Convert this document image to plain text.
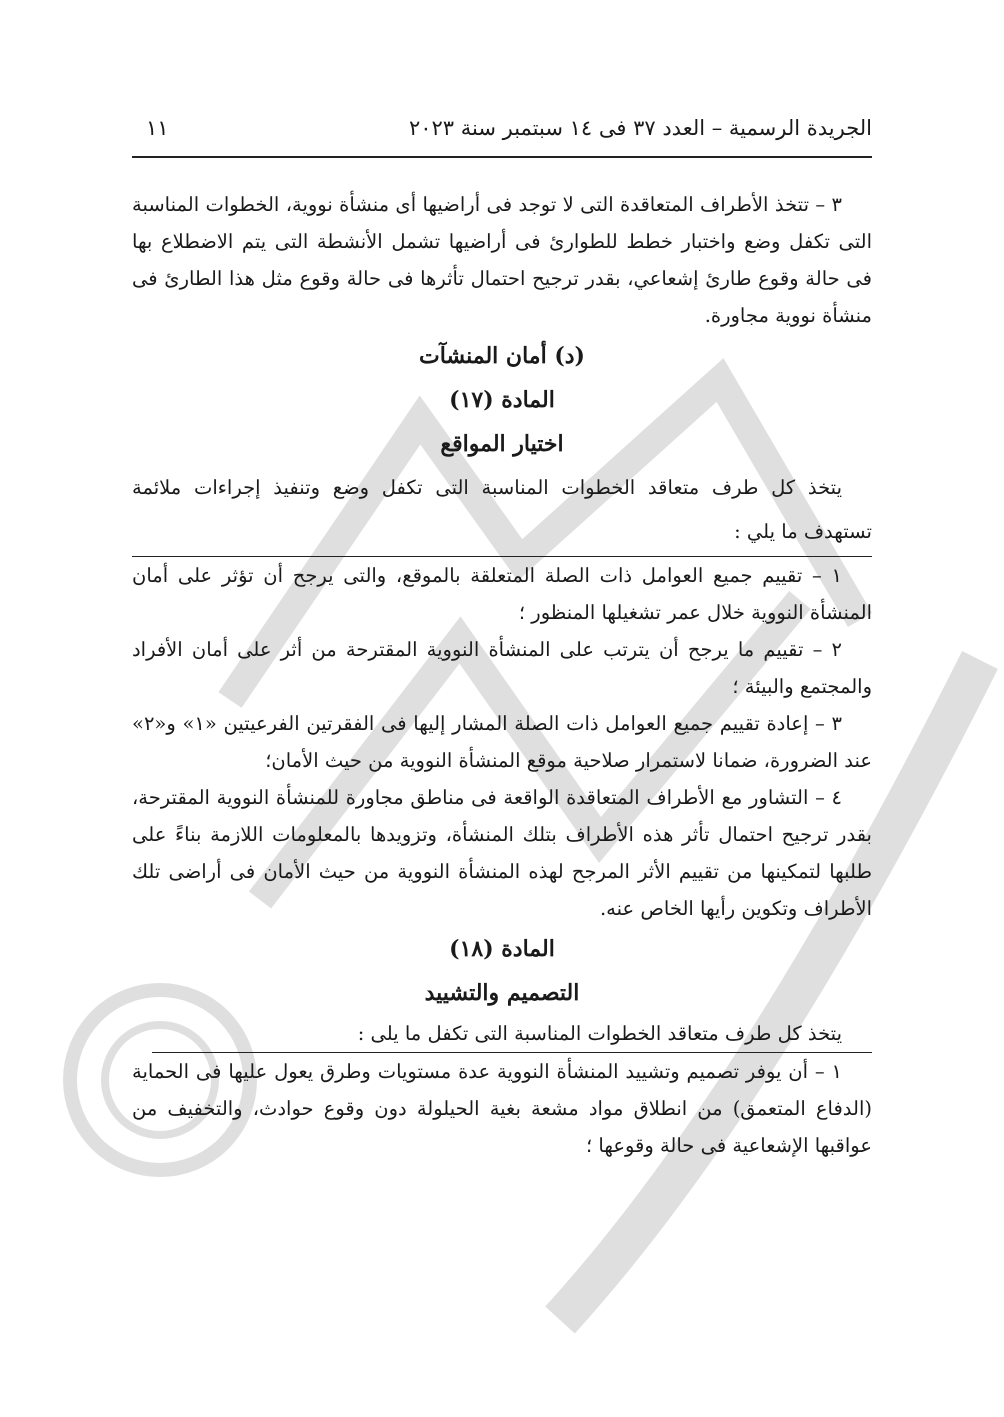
الجريدة الرسمية – العدد ٣٧ فى ١٤ سبتمبر سنة ٢٠٢٣
١١

٣ – تتخذ الأطراف المتعاقدة التى لا توجد فى أراضيها أى منشأة نووية، الخطوات المناسبة التى تكفل وضع واختبار خطط للطوارئ فى أراضيها تشمل الأنشطة التى يتم الاضطلاع بها فى حالة وقوع طارئ إشعاعي، بقدر ترجيح احتمال تأثرها فى حالة وقوع مثل هذا الطارئ فى منشأة نووية مجاورة.

(د) أمان المنشآت

المادة (١٧)

اختيار المواقع

يتخذ كل طرف متعاقد الخطوات المناسبة التى تكفل وضع وتنفيذ إجراءات ملائمة تستهدف ما يلي :

١ – تقييم جميع العوامل ذات الصلة المتعلقة بالموقع، والتى يرجح أن تؤثر على أمان المنشأة النووية خلال عمر تشغيلها المنظور ؛

٢ – تقييم ما يرجح أن يترتب على المنشأة النووية المقترحة من أثر على أمان الأفراد والمجتمع والبيئة ؛

٣ – إعادة تقييم جميع العوامل ذات الصلة المشار إليها فى الفقرتين الفرعيتين «١» و«٢» عند الضرورة، ضمانا لاستمرار صلاحية موقع المنشأة النووية من حيث الأمان؛

٤ – التشاور مع الأطراف المتعاقدة الواقعة فى مناطق مجاورة للمنشأة النووية المقترحة، بقدر ترجيح احتمال تأثر هذه الأطراف بتلك المنشأة، وتزويدها بالمعلومات اللازمة بناءً على طلبها لتمكينها من تقييم الأثر المرجح لهذه المنشأة النووية من حيث الأمان فى أراضى تلك الأطراف وتكوين رأيها الخاص عنه.

المادة (١٨)

التصميم والتشييد

يتخذ كل طرف متعاقد الخطوات المناسبة التى تكفل ما يلى :

١ – أن يوفر تصميم وتشييد المنشأة النووية عدة مستويات وطرق يعول عليها فى الحماية (الدفاع المتعمق) من انطلاق مواد مشعة بغية الحيلولة دون وقوع حوادث، والتخفيف من عواقبها الإشعاعية فى حالة وقوعها ؛
